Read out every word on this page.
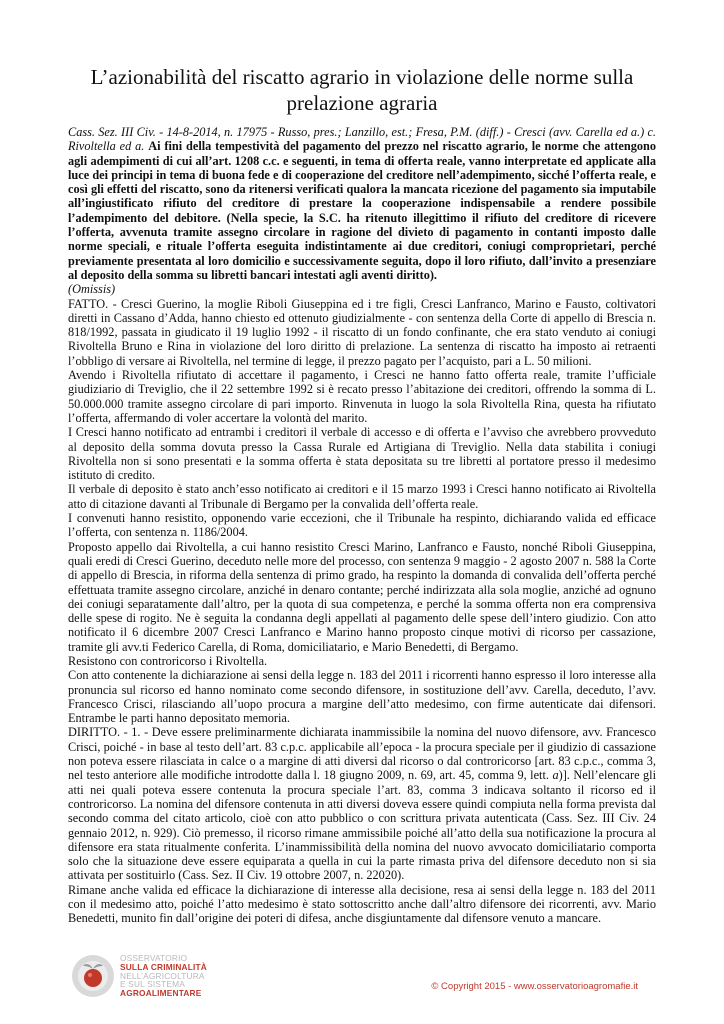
L’azionabilità del riscatto agrario in violazione delle norme sulla prelazione agraria

Cass. Sez. III Civ. - 14-8-2014, n. 17975 - Russo, pres.; Lanzillo, est.; Fresa, P.M. (diff.) - Cresci (avv. Carella ed a.) c. Rivoltella ed a. Ai fini della tempestività del pagamento del prezzo nel riscatto agrario, le norme che attengono agli adempimenti di cui all’art. 1208 c.c. e seguenti, in tema di offerta reale, vanno interpretate ed applicate alla luce dei principi in tema di buona fede e di cooperazione del creditore nell’adempimento, sicché l’offerta reale, e così gli effetti del riscatto, sono da ritenersi verificati qualora la mancata ricezione del pagamento sia imputabile all’ingiustificato rifiuto del creditore di prestare la cooperazione indispensabile a rendere possibile l’adempimento del debitore. (Nella specie, la S.C. ha ritenuto illegittimo il rifiuto del creditore di ricevere l’offerta, avvenuta tramite assegno circolare in ragione del divieto di pagamento in contanti imposto dalle norme speciali, e rituale l’offerta eseguita indistintamente ai due creditori, coniugi comproprietari, perché previamente presentata al loro domicilio e successivamente seguita, dopo il loro rifiuto, dall’invito a presenziare al deposito della somma su libretti bancari intestati agli aventi diritto).

(Omissis)

FATTO. - Cresci Guerino, la moglie Riboli Giuseppina ed i tre figli, Cresci Lanfranco, Marino e Fausto, coltivatori diretti in Cassano d’Adda, hanno chiesto ed ottenuto giudizialmente - con sentenza della Corte di appello di Brescia n. 818/1992, passata in giudicato il 19 luglio 1992 - il riscatto di un fondo confinante, che era stato venduto ai coniugi Rivoltella Bruno e Rina in violazione del loro diritto di prelazione. La sentenza di riscatto ha imposto ai retraenti l’obbligo di versare ai Rivoltella, nel termine di legge, il prezzo pagato per l’acquisto, pari a L. 50 milioni.

Avendo i Rivoltella rifiutato di accettare il pagamento, i Cresci ne hanno fatto offerta reale, tramite l’ufficiale giudiziario di Treviglio, che il 22 settembre 1992 si è recato presso l’abitazione dei creditori, offrendo la somma di L. 50.000.000 tramite assegno circolare di pari importo. Rinvenuta in luogo la sola Rivoltella Rina, questa ha rifiutato l’offerta, affermando di voler accertare la volontà del marito.

I Cresci hanno notificato ad entrambi i creditori il verbale di accesso e di offerta e l’avviso che avrebbero provveduto al deposito della somma dovuta presso la Cassa Rurale ed Artigiana di Treviglio. Nella data stabilita i coniugi Rivoltella non si sono presentati e la somma offerta è stata depositata su tre libretti al portatore presso il medesimo istituto di credito.

Il verbale di deposito è stato anch’esso notificato ai creditori e il 15 marzo 1993 i Cresci hanno notificato ai Rivoltella atto di citazione davanti al Tribunale di Bergamo per la convalida dell’offerta reale.

I convenuti hanno resistito, opponendo varie eccezioni, che il Tribunale ha respinto, dichiarando valida ed efficace l’offerta, con sentenza n. 1186/2004.

Proposto appello dai Rivoltella, a cui hanno resistito Cresci Marino, Lanfranco e Fausto, nonché Riboli Giuseppina, quali eredi di Cresci Guerino, deceduto nelle more del processo, con sentenza 9 maggio - 2 agosto 2007 n. 588 la Corte di appello di Brescia, in riforma della sentenza di primo grado, ha respinto la domanda di convalida dell’offerta perché effettuata tramite assegno circolare, anziché in denaro contante; perché indirizzata alla sola moglie, anziché ad ognuno dei coniugi separatamente dall’altro, per la quota di sua competenza, e perché la somma offerta non era comprensiva delle spese di rogito. Ne è seguita la condanna degli appellati al pagamento delle spese dell’intero giudizio. Con atto notificato il 6 dicembre 2007 Cresci Lanfranco e Marino hanno proposto cinque motivi di ricorso per cassazione, tramite gli avv.ti Federico Carella, di Roma, domiciliatario, e Mario Benedetti, di Bergamo.

Resistono con controricorso i Rivoltella.

Con atto contenente la dichiarazione ai sensi della legge n. 183 del 2011 i ricorrenti hanno espresso il loro interesse alla pronuncia sul ricorso ed hanno nominato come secondo difensore, in sostituzione dell’avv. Carella, deceduto, l’avv. Francesco Crisci, rilasciando all’uopo procura a margine dell’atto medesimo, con firme autenticate dai difensori. Entrambe le parti hanno depositato memoria.

DIRITTO. - 1. - Deve essere preliminarmente dichiarata inammissibile la nomina del nuovo difensore, avv. Francesco Crisci, poiché - in base al testo dell’art. 83 c.p.c. applicabile all’epoca - la procura speciale per il giudizio di cassazione non poteva essere rilasciata in calce o a margine di atti diversi dal ricorso o dal controricorso [art. 83 c.p.c., comma 3, nel testo anteriore alle modifiche introdotte dalla l. 18 giugno 2009, n. 69, art. 45, comma 9, lett. a)]. Nell’elencare gli atti nei quali poteva essere contenuta la procura speciale l’art. 83, comma 3 indicava soltanto il ricorso ed il controricorso. La nomina del difensore contenuta in atti diversi doveva essere quindi compiuta nella forma prevista dal secondo comma del citato articolo, cioè con atto pubblico o con scrittura privata autenticata (Cass. Sez. III Civ. 24 gennaio 2012, n. 929). Ciò premesso, il ricorso rimane ammissibile poiché all’atto della sua notificazione la procura al difensore era stata ritualmente conferita. L’inammissibilità della nomina del nuovo avvocato domiciliatario comporta solo che la situazione deve essere equiparata a quella in cui la parte rimasta priva del difensore deceduto non si sia attivata per sostituirlo (Cass. Sez. II Civ. 19 ottobre 2007, n. 22020).

Rimane anche valida ed efficace la dichiarazione di interesse alla decisione, resa ai sensi della legge n. 183 del 2011 con il medesimo atto, poiché l’atto medesimo è stato sottoscritto anche dall’altro difensore dei ricorrenti, avv. Mario Benedetti, munito fin dall’origine dei poteri di difesa, anche disgiuntamente dal difensore venuto a mancare.

OSSERVATORIO
SULLA CRIMINALITÀ
NELL’AGRICOLTURA
E SUL SISTEMA
AGROALIMENTARE
© Copyright 2015 - www.osservatorioagromafie.it
